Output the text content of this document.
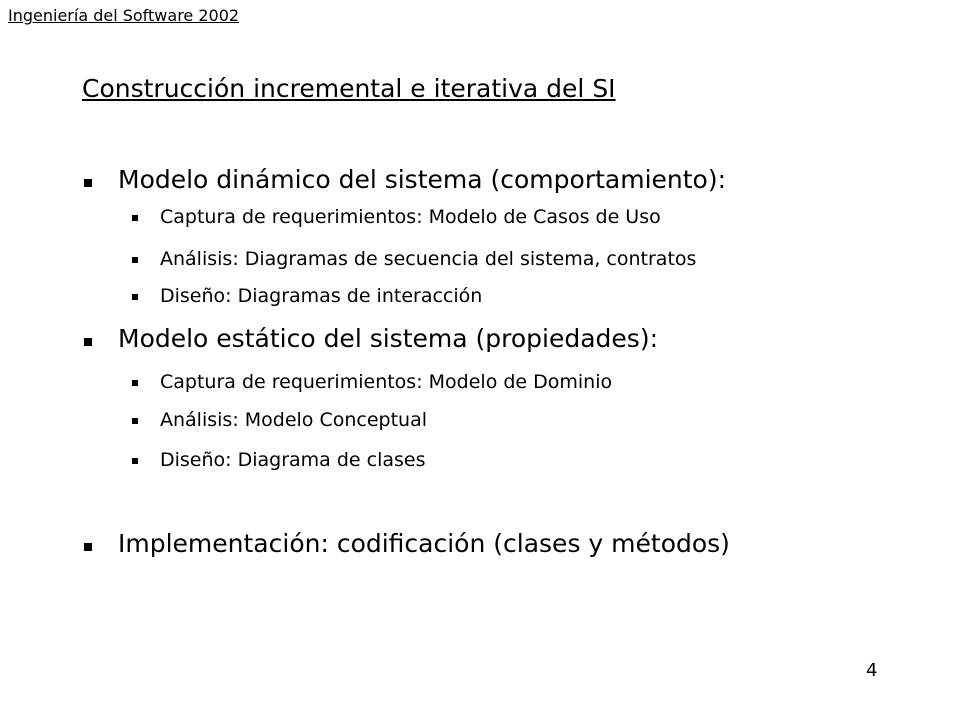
Ingeniería del Software 2002
Construcción incremental e iterativa del SI
Modelo dinámico del sistema (comportamiento):
Captura de requerimientos: Modelo de Casos de Uso
Análisis: Diagramas de secuencia del sistema, contratos
Diseño: Diagramas de interacción
Modelo estático del sistema (propiedades):
Captura de requerimientos: Modelo de Dominio
Análisis: Modelo Conceptual
Diseño: Diagrama de clases
Implementación: codificación (clases y métodos)
4
